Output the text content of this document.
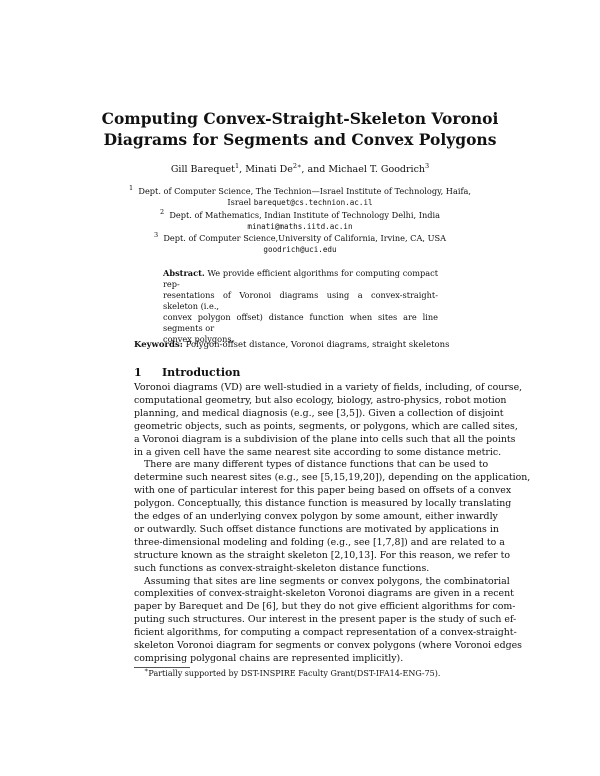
Computing Convex-Straight-Skeleton Voronoi
Diagrams for Segments and Convex Polygons
Gill Barequet$^1$, Minati $De^{2∗}$, and Michael T. Goodrich$^3$
$^1$ Dept. of Computer Science, The Technion—Israel Institute of Technology, Haifa,
Israel barequet@cs.technion.ac.il
$^2$ Dept. of Mathematics, Indian Institute of Technology Delhi, India
minati@maths.iitd.ac.in
$^3$ Dept. of Computer Science,University of California, Irvine, CA, USA
goodrich@uci.edu
Abstract. We provide efficient algorithms for computing compact rep-
resentations of Voronoi diagrams using a convex-straight-skeleton (i.e.,
convex polygon offset) distance function when sites are line segments or
convex polygons.
Keywords: Polygon-offset distance, Voronoi diagrams, straight skeletons
1 Introduction
Voronoi diagrams (VD) are well-studied in a variety of fields, including, of course,
computational geometry, but also ecology, biology, astro-physics, robot motion
planning, and medical diagnosis (e.g., see [3,5]). Given a collection of disjoint
geometric objects, such as points, segments, or polygons, which are called sites,
a Voronoi diagram is a subdivision of the plane into cells such that all the points
in a given cell have the same nearest site according to some distance metric.
There are many different types of distance functions that can be used to
determine such nearest sites (e.g., see [5,15,19,20]), depending on the application,
with one of particular interest for this paper being based on offsets of a convex
polygon. Conceptually, this distance function is measured by locally translating
the edges of an underlying convex polygon by some amount, either inwardly
or outwardly. Such offset distance functions are motivated by applications in
three-dimensional modeling and folding (e.g., see [1,7,8]) and are related to a
structure known as the straight skeleton [2,10,13]. For this reason, we refer to
such functions as convex-straight-skeleton distance functions.
Assuming that sites are line segments or convex polygons, the combinatorial
complexities of convex-straight-skeleton Voronoi diagrams are given in a recent
paper by Barequet and De [6], but they do not give efficient algorithms for com-
puting such structures. Our interest in the present paper is the study of such ef-
ficient algorithms, for computing a compact representation of a convex-straight-
skeleton Voronoi diagram for segments or convex polygons (where Voronoi edges
comprising polygonal chains are represented implicitly).
∗Partially supported by DST-INSPIRE Faculty Grant(DST-IFA14-ENG-75).
